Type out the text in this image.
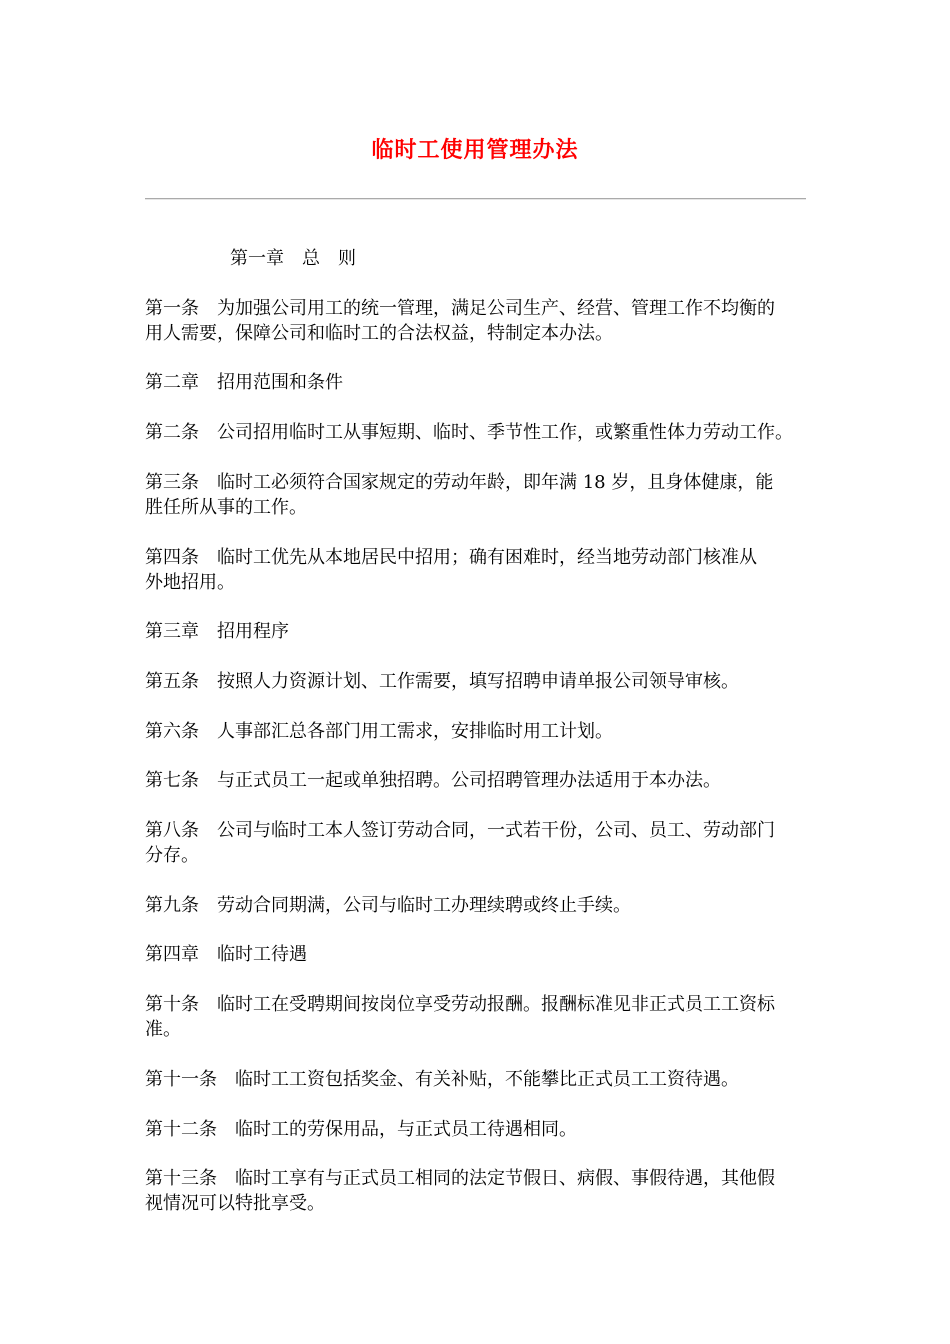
临时工使用管理办法
第一章　总　则
第一条　为加强公司用工的统一管理，满足公司生产、经营、管理工作不均衡的
用人需要，保障公司和临时工的合法权益，特制定本办法。
第二章　招用范围和条件
第二条　公司招用临时工从事短期、临时、季节性工作，或繁重性体力劳动工作。
第三条　临时工必须符合国家规定的劳动年龄，即年满 18 岁，且身体健康，能
胜任所从事的工作。
第四条　临时工优先从本地居民中招用；确有困难时，经当地劳动部门核准从
外地招用。
第三章　招用程序
第五条　按照人力资源计划、工作需要，填写招聘申请单报公司领导审核。
第六条　人事部汇总各部门用工需求，安排临时用工计划。
第七条　与正式员工一起或单独招聘。公司招聘管理办法适用于本办法。
第八条　公司与临时工本人签订劳动合同，一式若干份，公司、员工、劳动部门
分存。
第九条　劳动合同期满，公司与临时工办理续聘或终止手续。
第四章　临时工待遇
第十条　临时工在受聘期间按岗位享受劳动报酬。报酬标准见非正式员工工资标
准。
第十一条　临时工工资包括奖金、有关补贴，不能攀比正式员工工资待遇。
第十二条　临时工的劳保用品，与正式员工待遇相同。
第十三条　临时工享有与正式员工相同的法定节假日、病假、事假待遇，其他假
视情况可以特批享受。
